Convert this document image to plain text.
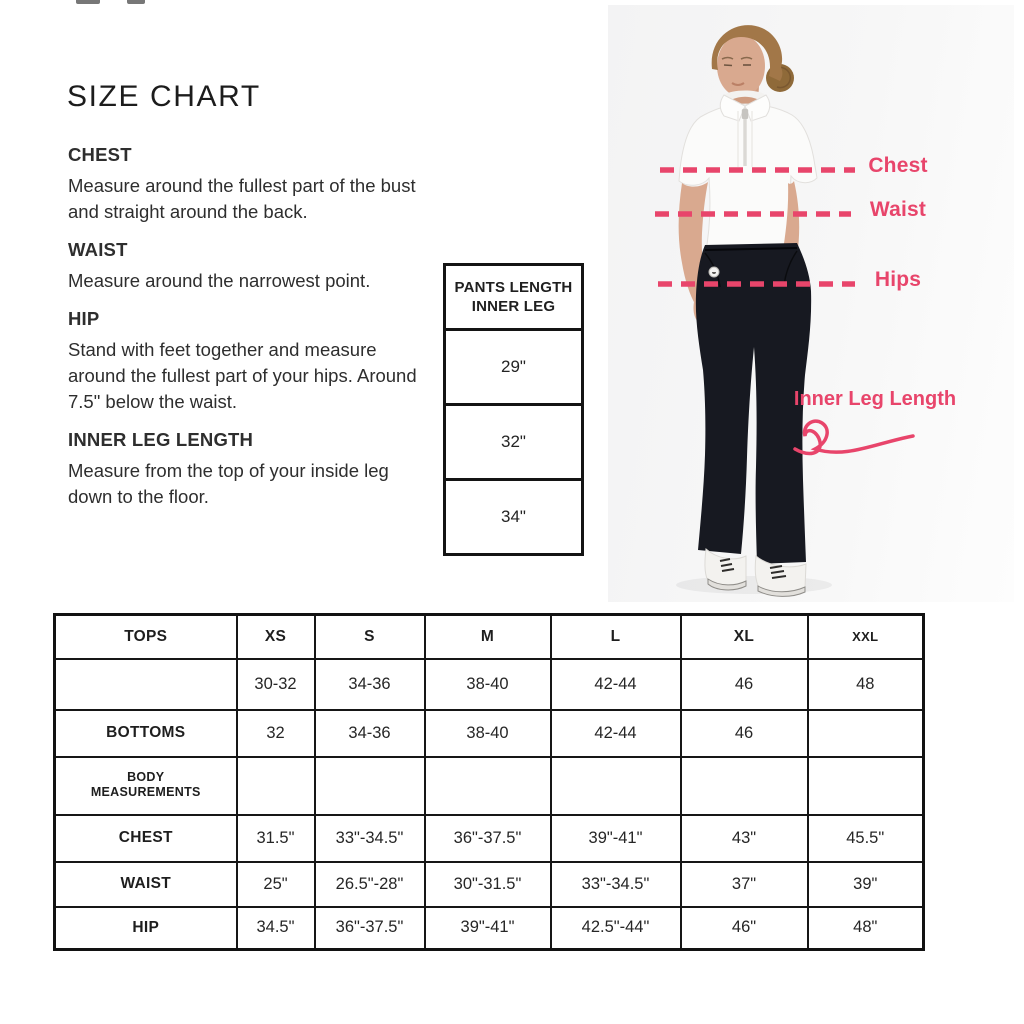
SIZE CHART
CHEST

Measure around the fullest part of the bust and straight around the back.

WAIST

Measure around the narrowest point.

HIP

Stand with feet together and measure around the fullest part of your hips. Around 7.5" below the waist.

INNER LEG LENGTH

Measure from the top of your inside leg down to the floor.

PANTS LENGTH
INNER LEG
29"
32"
34"
Chest
Waist
Hips
Inner Leg Length
TOPS	XS	S	M	L	XL	XXL
	30-32	34-36	38-40	42-44	46	48
BOTTOMS	32	34-36	38-40	42-44	46	
BODY MEASUREMENTS						
CHEST	31.5"	33"-34.5"	36"-37.5"	39"-41"	43"	45.5"
WAIST	25"	26.5"-28"	30"-31.5"	33"-34.5"	37"	39"
HIP	34.5"	36"-37.5"	39"-41"	42.5"-44"	46"	48"
